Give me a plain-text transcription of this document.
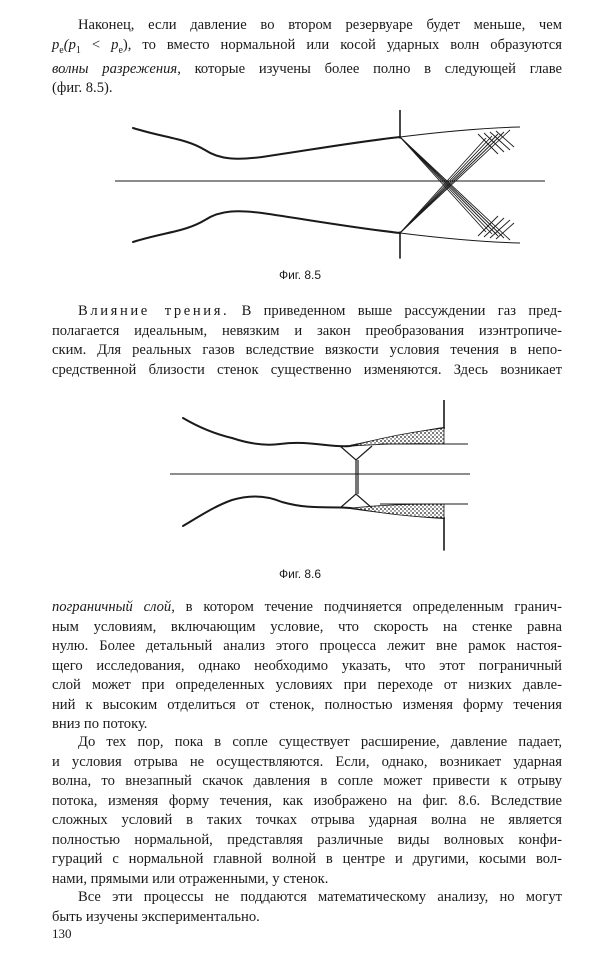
Наконец, если давление во втором резервуаре будет меньше, чем
$p_e(p_1 < p_e)$, то вместо нормальной или косой ударных волн образуются
волны разрежения, которые изучены более полно в следующей главе
(фиг. 8.5).

Фиг. 8.5

Влияние трения. В приведенном выше рассуждении газ пред-
полагается идеальным, невязким и закон преобразования изэнтропиче-
ским. Для реальных газов вследствие вязкости условия течения в непо-
средственной близости стенок существенно изменяются. Здесь возникает

Фиг. 8.6

пограничный слой, в котором течение подчиняется определенным гранич-
ным условиям, включающим условие, что скорость на стенке равна
нулю. Более детальный анализ этого процесса лежит вне рамок настоя-
щего исследования, однако необходимо указать, что этот пограничный
слой может при определенных условиях при переходе от низких давле-
ний к высоким отделиться от стенок, полностью изменяя форму течения
вниз по потоку.

До тех пор, пока в сопле существует расширение, давление падает,
и условия отрыва не осуществляются. Если, однако, возникает ударная
волна, то внезапный скачок давления в сопле может привести к отрыву
потока, изменяя форму течения, как изображено на фиг. 8.6. Вследствие
сложных условий в таких точках отрыва ударная волна не является
полностью нормальной, представляя различные виды волновых конфи-
гураций с нормальной главной волной в центре и другими, косыми вол-
нами, прямыми или отраженными, у стенок.

Все эти процессы не поддаются математическому анализу, но могут
быть изучены экспериментально.

130
